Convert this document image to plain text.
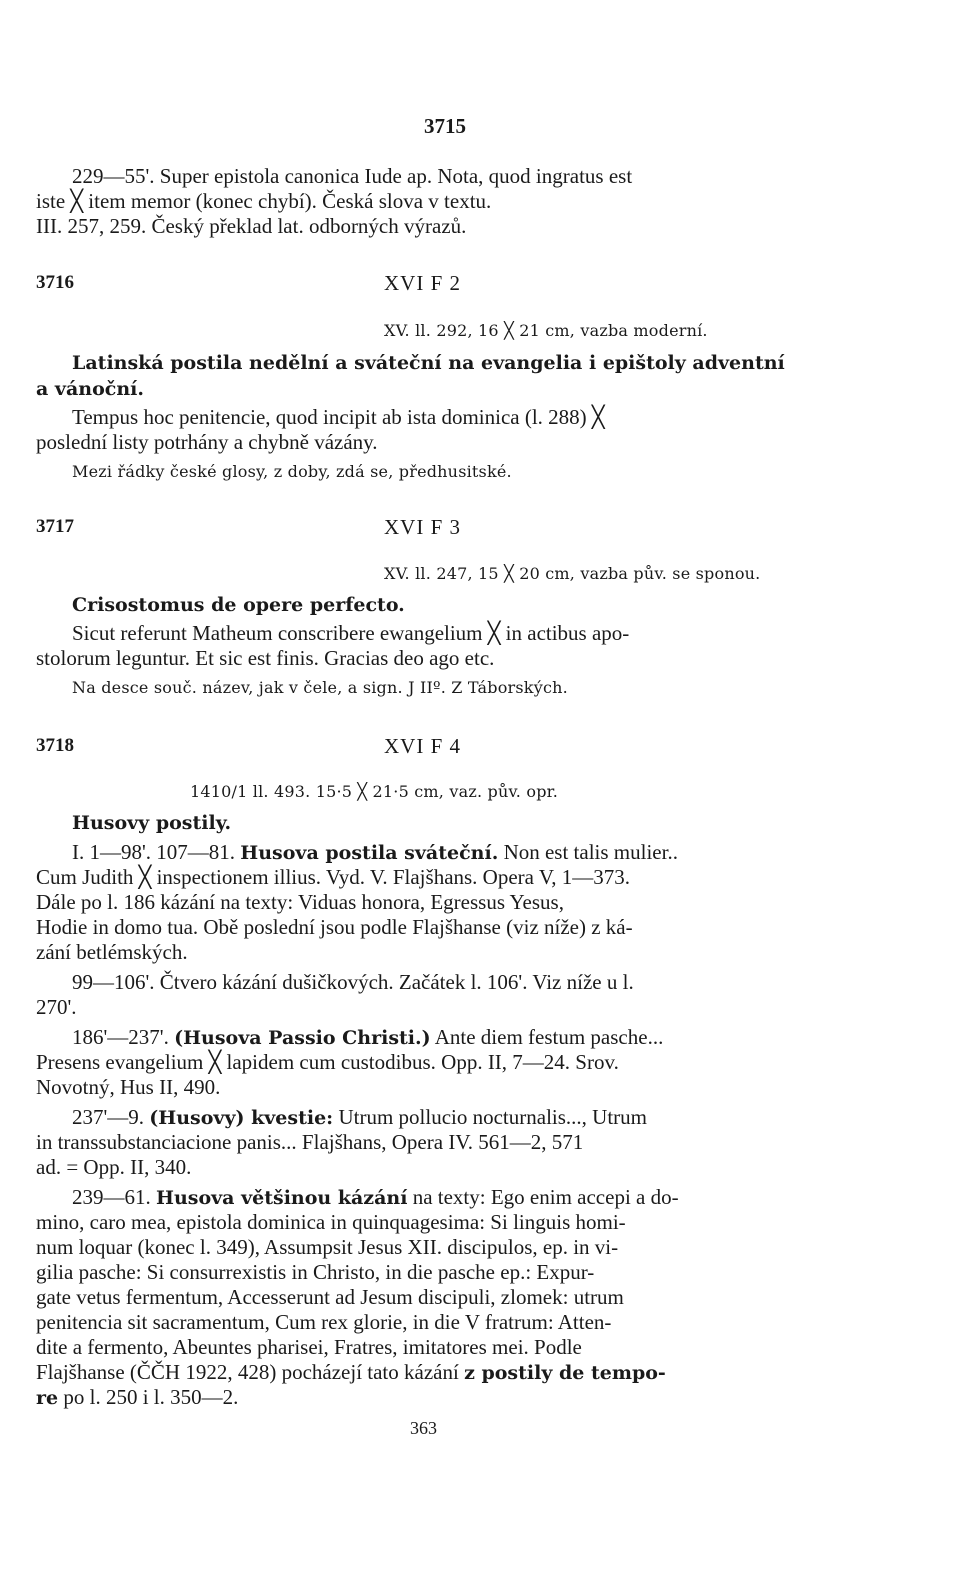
3715
229—55'. Super epistola canonica Iude ap. Nota, quod ingratus est
iste ╳ item memor (konec chybí). Česká slova v textu.
III. 257, 259. Český překlad lat. odborných výrazů.
3716	XVI F 2
XV. ll. 292, 16 ╳ 21 cm, vazba moderní.
Latinská postila nedělní a sváteční na evangelia i epištoly adventní
a vánoční.
Tempus hoc penitencie, quod incipit ab ista dominica (l. 288) ╳
poslední listy potrhány a chybně vázány.
Mezi řádky české glosy, z doby, zdá se, předhusitské.
3717	XVI F 3
XV. ll. 247, 15 ╳ 20 cm, vazba pův. se sponou.
Crisostomus de opere perfecto.
Sicut referunt Matheum conscribere ewangelium ╳ in actibus apo-
stolorum leguntur. Et sic est finis. Gracias deo ago etc.
Na desce souč. název, jak v čele, a sign. J IIº. Z Táborských.
3718	XVI F 4
1410/1 ll. 493. 15·5 ╳ 21·5 cm, vaz. pův. opr.
Husovy postily.
I. 1—98'. 107—81. Husova postila sváteční. Non est talis mulier..
Cum Judith ╳ inspectionem illius. Vyd. V. Flajšhans. Opera V, 1—373.
Dále po l. 186 kázání na texty: Viduas honora, Egressus Yesus,
Hodie in domo tua. Obě poslední jsou podle Flajšhanse (viz níže) z ká-
zání betlémských.
99—106'. Čtvero kázání dušičkových. Začátek l. 106'. Viz níže u l.
270'.
186'—237'. (Husova Passio Christi.) Ante diem festum pasche...
Presens evangelium ╳ lapidem cum custodibus. Opp. II, 7—24. Srov.
Novotný, Hus II, 490.
237'—9. (Husovy) kvestie: Utrum pollucio nocturnalis..., Utrum
in transsubstanciacione panis... Flajšhans, Opera IV. 561—2, 571
ad. = Opp. II, 340.
239—61. Husova většinou kázání na texty: Ego enim accepi a do-
mino, caro mea, epistola dominica in quinquagesima: Si linguis homi-
num loquar (konec l. 349), Assumpsit Jesus XII. discipulos, ep. in vi-
gilia pasche: Si consurrexistis in Christo, in die pasche ep.: Expur-
gate vetus fermentum, Accesserunt ad Jesum discipuli, zlomek: utrum
penitencia sit sacramentum, Cum rex glorie, in die V fratrum: Atten-
dite a fermento, Abeuntes pharisei, Fratres, imitatores mei. Podle
Flajšhanse (ČČH 1922, 428) pocházejí tato kázání z postily de tempo-
re po l. 250 i l. 350—2.
363
